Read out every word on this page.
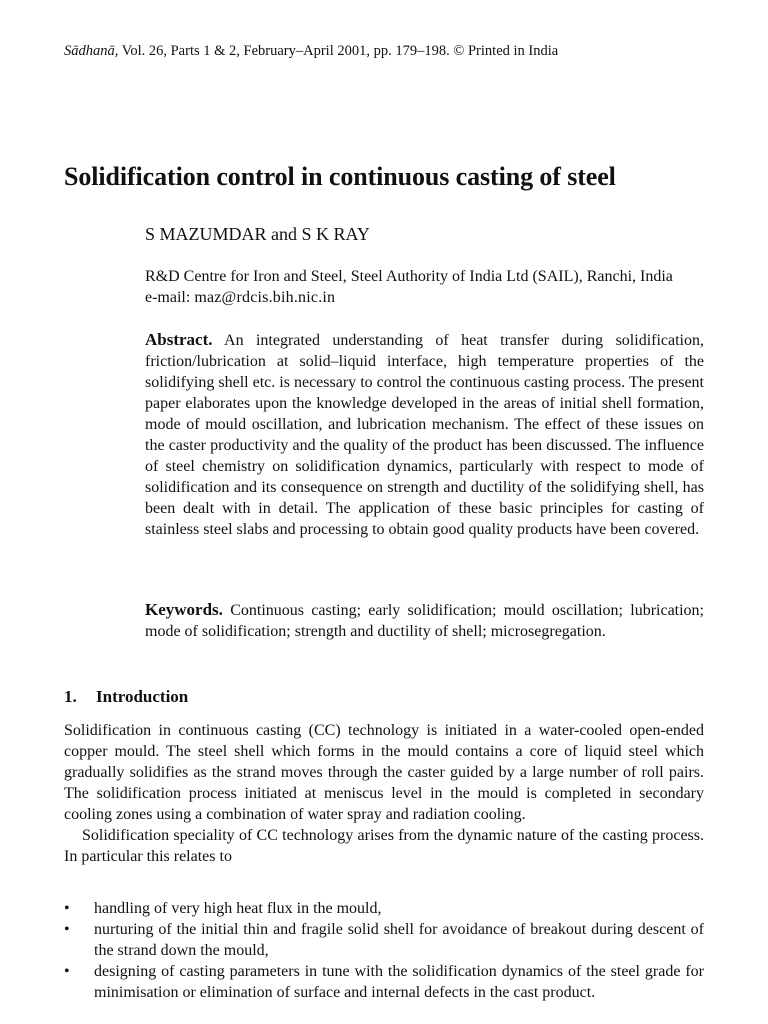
Sādhanā, Vol. 26, Parts 1 & 2, February–April 2001, pp. 179–198. © Printed in India
Solidification control in continuous casting of steel
S MAZUMDAR and S K RAY
R&D Centre for Iron and Steel, Steel Authority of India Ltd (SAIL), Ranchi, India
e-mail: maz@rdcis.bih.nic.in
Abstract. An integrated understanding of heat transfer during solidification, friction/lubrication at solid–liquid interface, high temperature properties of the solidifying shell etc. is necessary to control the continuous casting process. The present paper elaborates upon the knowledge developed in the areas of initial shell formation, mode of mould oscillation, and lubrication mechanism. The effect of these issues on the caster productivity and the quality of the product has been discussed. The influence of steel chemistry on solidification dynamics, particularly with respect to mode of solidification and its consequence on strength and ductility of the solidifying shell, has been dealt with in detail. The application of these basic principles for casting of stainless steel slabs and processing to obtain good quality products have been covered.
Keywords. Continuous casting; early solidification; mould oscillation; lubrication; mode of solidification; strength and ductility of shell; microsegregation.
1. Introduction

Solidification in continuous casting (CC) technology is initiated in a water-cooled open-ended copper mould. The steel shell which forms in the mould contains a core of liquid steel which gradually solidifies as the strand moves through the caster guided by a large number of roll pairs. The solidification process initiated at meniscus level in the mould is completed in secondary cooling zones using a combination of water spray and radiation cooling.

Solidification speciality of CC technology arises from the dynamic nature of the casting process. In particular this relates to

• handling of very high heat flux in the mould,
• nurturing of the initial thin and fragile solid shell for avoidance of breakout during descent of the strand down the mould,
• designing of casting parameters in tune with the solidification dynamics of the steel grade for minimisation or elimination of surface and internal defects in the cast product.
